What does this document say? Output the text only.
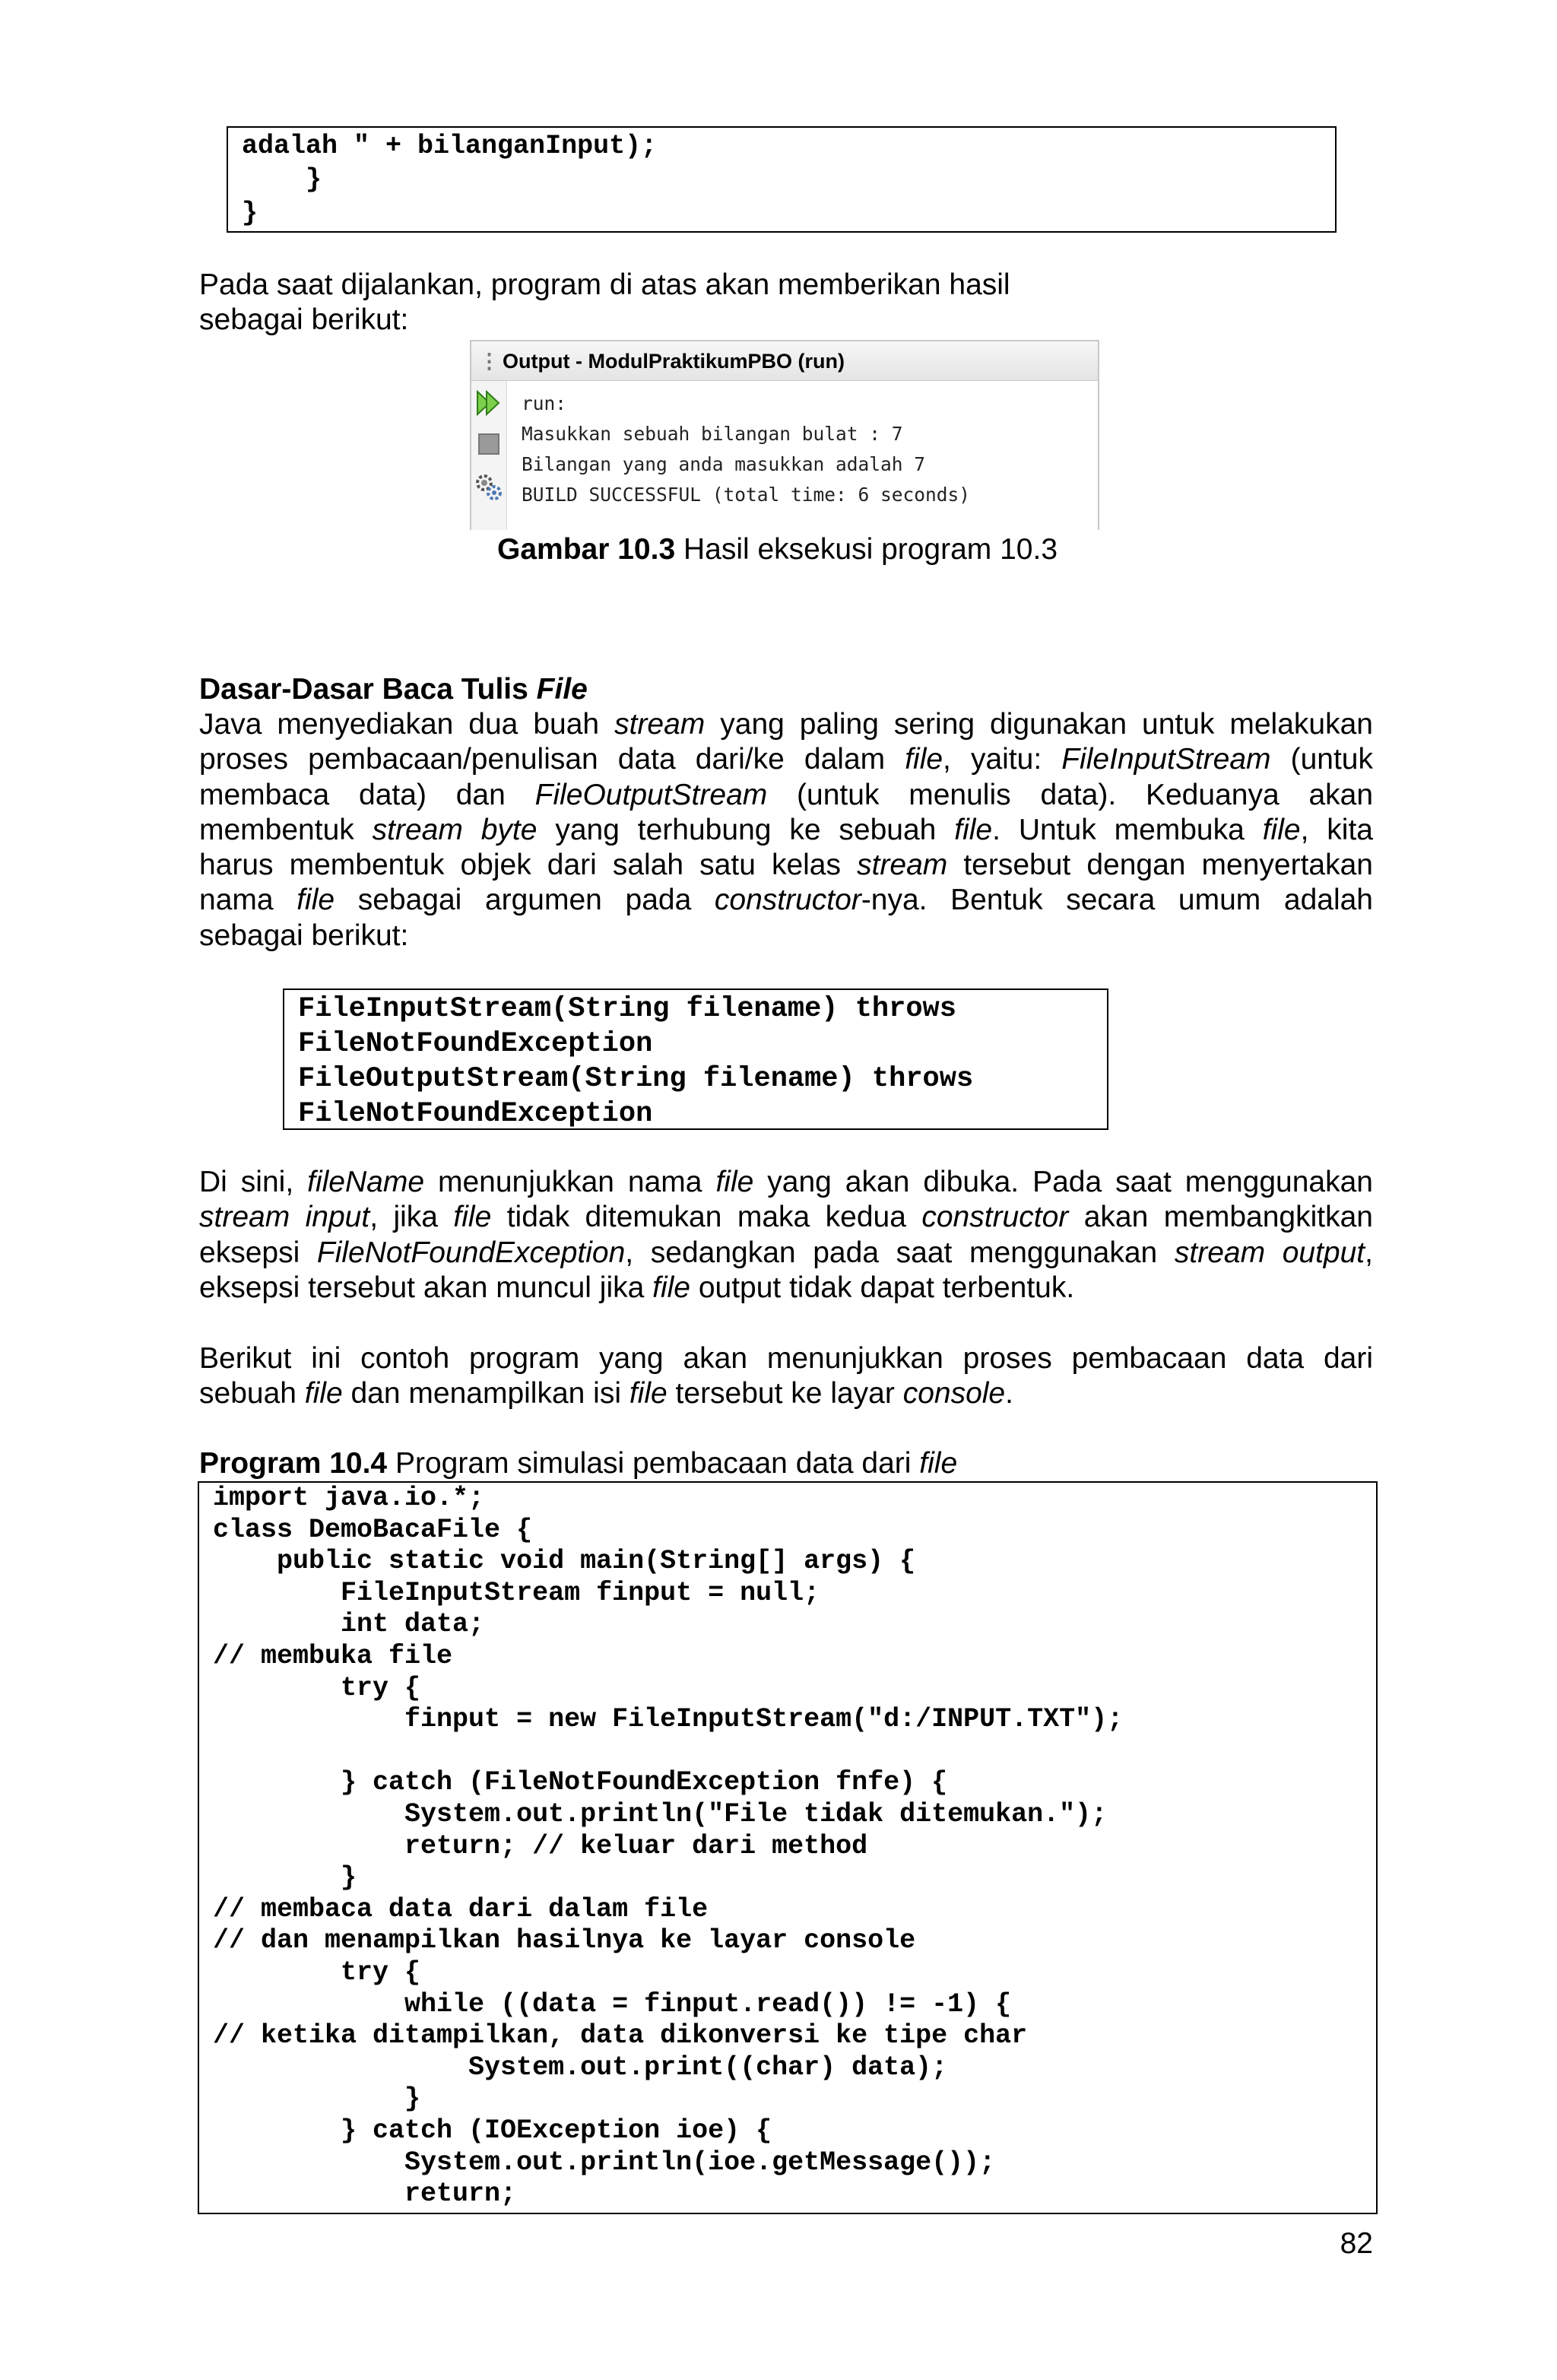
adalah " + bilanganInput);
}
}
Pada saat dijalankan, program di atas akan memberikan hasil
sebagai berikut:
⋮ Output - ModulPraktikumPBO (run)
run:
Masukkan sebuah bilangan bulat : 7
Bilangan yang anda masukkan adalah 7
BUILD SUCCESSFUL (total time: 6 seconds)
Gambar 10.3 Hasil eksekusi program 10.3
Dasar-Dasar Baca Tulis File
Java menyediakan dua buah stream yang paling sering digunakan untuk melakukan
proses pembacaan/penulisan data dari/ke dalam file, yaitu: FileInputStream (untuk
membaca data) dan FileOutputStream (untuk menulis data). Keduanya akan
membentuk stream byte yang terhubung ke sebuah file. Untuk membuka file, kita
harus membentuk objek dari salah satu kelas stream tersebut dengan menyertakan
nama file sebagai argumen pada constructor-nya. Bentuk secara umum adalah
sebagai berikut:
FileInputStream(String filename) throws
FileNotFoundException
FileOutputStream(String filename) throws
FileNotFoundException
Di sini, fileName menunjukkan nama file yang akan dibuka. Pada saat menggunakan
stream input, jika file tidak ditemukan maka kedua constructor akan membangkitkan
eksepsi FileNotFoundException, sedangkan pada saat menggunakan stream output,
eksepsi tersebut akan muncul jika file output tidak dapat terbentuk.
Berikut ini contoh program yang akan menunjukkan proses pembacaan data dari
sebuah file dan menampilkan isi file tersebut ke layar console.
Program 10.4 Program simulasi pembacaan data dari file
import java.io.*;
class DemoBacaFile {
public static void main(String[] args) {
FileInputStream finput = null;
int data;
// membuka file
try {
finput = new FileInputStream("d:/INPUT.TXT");
} catch (FileNotFoundException fnfe) {
System.out.println("File tidak ditemukan.");
return; // keluar dari method
}
// membaca data dari dalam file
// dan menampilkan hasilnya ke layar console
try {
while ((data = finput.read()) != -1) {
// ketika ditampilkan, data dikonversi ke tipe char
System.out.print((char) data);
}
} catch (IOException ioe) {
System.out.println(ioe.getMessage());
return;
82
